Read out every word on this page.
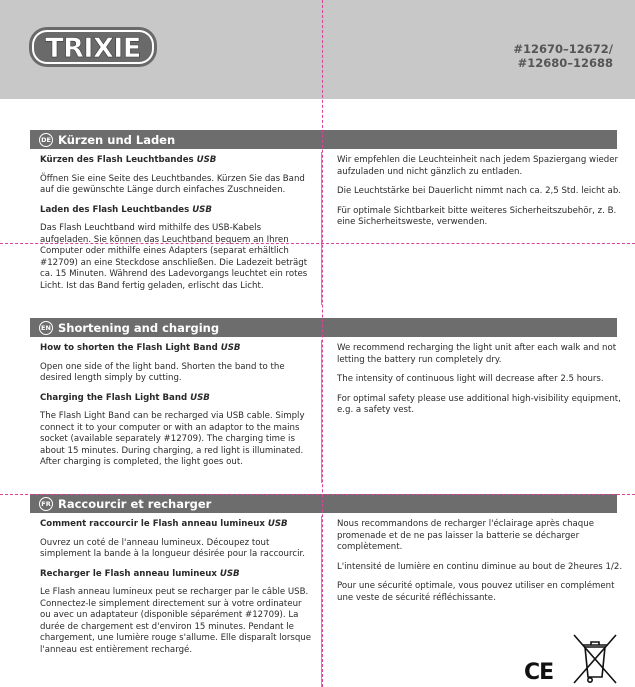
TRIXIE	#12670–12672/
#12680–12688
DE Kürzen und Laden
Kürzen des Flash Leuchtbandes USB
Öffnen Sie eine Seite des Leuchtbandes. Kürzen Sie das Band auf die gewünschte Länge durch einfaches Zuschneiden.
Laden des Flash Leuchtbandes USB
Das Flash Leuchtband wird mithilfe des USB-Kabels aufgeladen. Sie können das Leuchtband bequem an Ihren Computer oder mithilfe eines Adapters (separat erhältlich #12709) an eine Steckdose anschließen. Die Ladezeit beträgt ca. 15 Minuten. Während des Ladevorgangs leuchtet ein rotes Licht. Ist das Band fertig geladen, erlischt das Licht.
Wir empfehlen die Leuchteinheit nach jedem Spaziergang wieder aufzuladen und nicht gänzlich zu entladen.
Die Leuchtstärke bei Dauerlicht nimmt nach ca. 2,5 Std. leicht ab.
Für optimale Sichtbarkeit bitte weiteres Sicherheitszubehör, z. B. eine Sicherheitsweste, verwenden.
EN Shortening and charging
How to shorten the Flash Light Band USB
Open one side of the light band. Shorten the band to the desired length simply by cutting.
Charging the Flash Light Band USB
The Flash Light Band can be recharged via USB cable. Simply connect it to your computer or with an adaptor to the mains socket (available separately #12709). The charging time is about 15 minutes. During charging, a red light is illuminated. After charging is completed, the light goes out.
We recommend recharging the light unit after each walk and not letting the battery run completely dry.
The intensity of continuous light will decrease after 2.5 hours.
For optimal safety please use additional high-visibility equipment, e.g. a safety vest.
FR Raccourcir et recharger
Comment raccourcir le Flash anneau lumineux USB
Ouvrez un coté de l'anneau lumineux. Découpez tout simplement la bande à la longueur désirée pour la raccourcir.
Recharger le Flash anneau lumineux USB
Le Flash anneau lumineux peut se recharger par le câble USB. Connectez-le simplement directement sur à votre ordinateur ou avec un adaptateur (disponible séparément #12709). La durée de chargement est d'environ 15 minutes. Pendant le chargement, une lumière rouge s'allume. Elle disparaît lorsque l'anneau est entièrement rechargé.
Nous recommandons de recharger l'éclairage après chaque promenade et de ne pas laisser la batterie se décharger complètement.
L'intensité de lumière en continu diminue au bout de 2heures 1/2.
Pour une sécurité optimale, vous pouvez utiliser en complément une veste de sécurité réfléchissante.
CE
